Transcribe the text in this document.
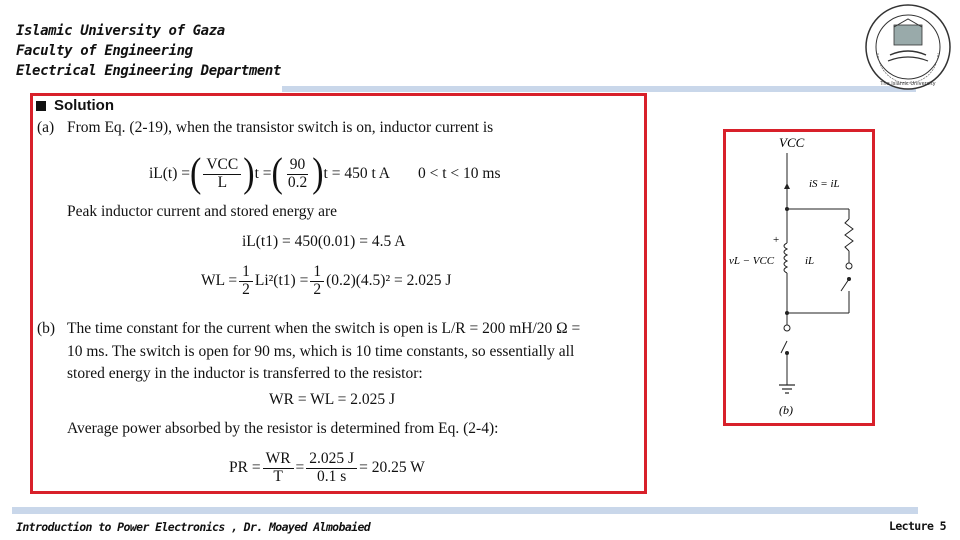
Islamic University of Gaza
Faculty of Engineering
Electrical Engineering Department
The Islamic University
Solution
(a) From Eq. (2-19), when the transistor switch is on, inductor current is
iL(t) = ( $\frac{\text{VCC}}{L}$ ) t = ( $\frac{90}{0.2}$ ) t = 450 t A 0 < t < 10 ms
Peak inductor current and stored energy are
iL(t1) = 450(0.01) = 4.5 A
WL = $\frac{1}{2} Li^2(t1) = \frac{1}{2} (0.2)(4.5)^2 = 2.025$ J
(b) The time constant for the current when the switch is open is L/R = 200 mH/20 Ω =
10 ms. The switch is open for 90 ms, which is 10 time constants, so essentially all
stored energy in the inductor is transferred to the resistor:
WR = WL = 2.025 J
Average power absorbed by the resistor is determined from Eq. (2-4):
PR = $\frac{WR}{T} = \frac{2.025 J}{0.1 s} = 20.25$ W
VCC
iS = iL
+
vL − VCC	iL
(b)
Introduction to Power Electronics , Dr. Moayed Almobaied	Lecture 5
